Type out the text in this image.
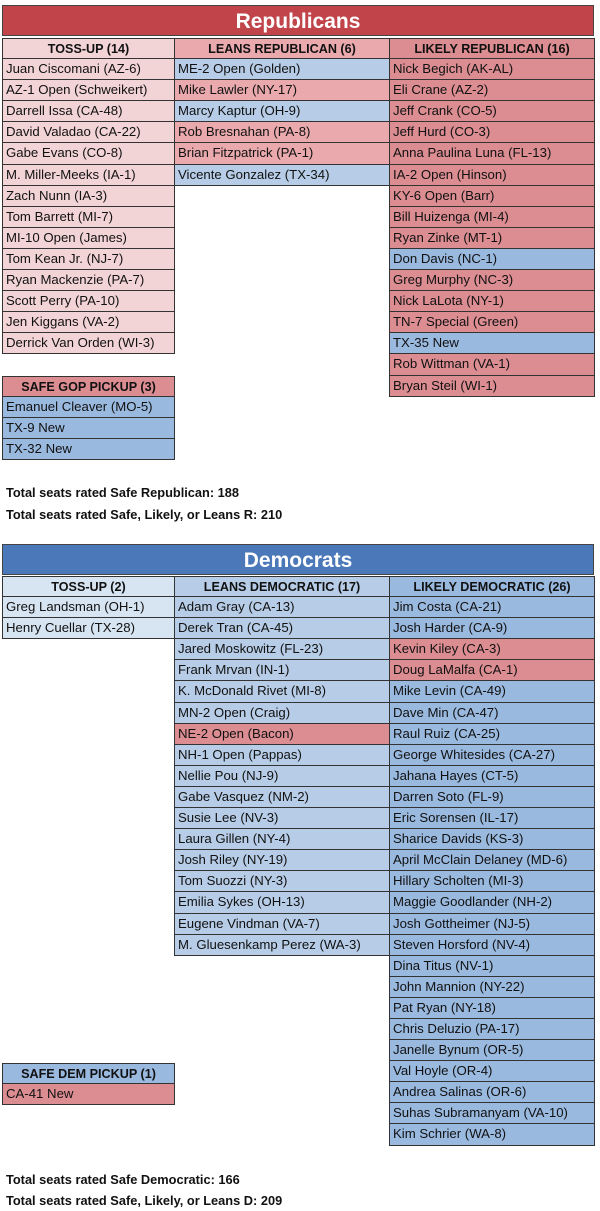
Republicans
TOSS-UP (14)
Juan Ciscomani (AZ-6)
AZ-1 Open (Schweikert)
Darrell Issa (CA-48)
David Valadao (CA-22)
Gabe Evans (CO-8)
M. Miller-Meeks (IA-1)
Zach Nunn (IA-3)
Tom Barrett (MI-7)
MI-10 Open (James)
Tom Kean Jr. (NJ-7)
Ryan Mackenzie (PA-7)
Scott Perry (PA-10)
Jen Kiggans (VA-2)
Derrick Van Orden (WI-3)
LEANS REPUBLICAN (6)
ME-2 Open (Golden)
Mike Lawler (NY-17)
Marcy Kaptur (OH-9)
Rob Bresnahan (PA-8)
Brian Fitzpatrick (PA-1)
Vicente Gonzalez (TX-34)
LIKELY REPUBLICAN (16)
Nick Begich (AK-AL)
Eli Crane (AZ-2)
Jeff Crank (CO-5)
Jeff Hurd (CO-3)
Anna Paulina Luna (FL-13)
IA-2 Open (Hinson)
KY-6 Open (Barr)
Bill Huizenga (MI-4)
Ryan Zinke (MT-1)
Don Davis (NC-1)
Greg Murphy (NC-3)
Nick LaLota (NY-1)
TN-7 Special (Green)
TX-35 New
Rob Wittman (VA-1)
Bryan Steil (WI-1)
SAFE GOP PICKUP (3)
Emanuel Cleaver (MO-5)
TX-9 New
TX-32 New
Total seats rated Safe Republican: 188
Total seats rated Safe, Likely, or Leans R: 210
Democrats
TOSS-UP (2)
Greg Landsman (OH-1)
Henry Cuellar (TX-28)
LEANS DEMOCRATIC (17)
Adam Gray (CA-13)
Derek Tran (CA-45)
Jared Moskowitz (FL-23)
Frank Mrvan (IN-1)
K. McDonald Rivet (MI-8)
MN-2 Open (Craig)
NE-2 Open (Bacon)
NH-1 Open (Pappas)
Nellie Pou (NJ-9)
Gabe Vasquez (NM-2)
Susie Lee (NV-3)
Laura Gillen (NY-4)
Josh Riley (NY-19)
Tom Suozzi (NY-3)
Emilia Sykes (OH-13)
Eugene Vindman (VA-7)
M. Gluesenkamp Perez (WA-3)
LIKELY DEMOCRATIC (26)
Jim Costa (CA-21)
Josh Harder (CA-9)
Kevin Kiley (CA-3)
Doug LaMalfa (CA-1)
Mike Levin (CA-49)
Dave Min (CA-47)
Raul Ruiz (CA-25)
George Whitesides (CA-27)
Jahana Hayes (CT-5)
Darren Soto (FL-9)
Eric Sorensen (IL-17)
Sharice Davids (KS-3)
April McClain Delaney (MD-6)
Hillary Scholten (MI-3)
Maggie Goodlander (NH-2)
Josh Gottheimer (NJ-5)
Steven Horsford (NV-4)
Dina Titus (NV-1)
John Mannion (NY-22)
Pat Ryan (NY-18)
Chris Deluzio (PA-17)
Janelle Bynum (OR-5)
Val Hoyle (OR-4)
Andrea Salinas (OR-6)
Suhas Subramanyam (VA-10)
Kim Schrier (WA-8)
SAFE DEM PICKUP (1)
CA-41 New
Total seats rated Safe Democratic: 166
Total seats rated Safe, Likely, or Leans D: 209
